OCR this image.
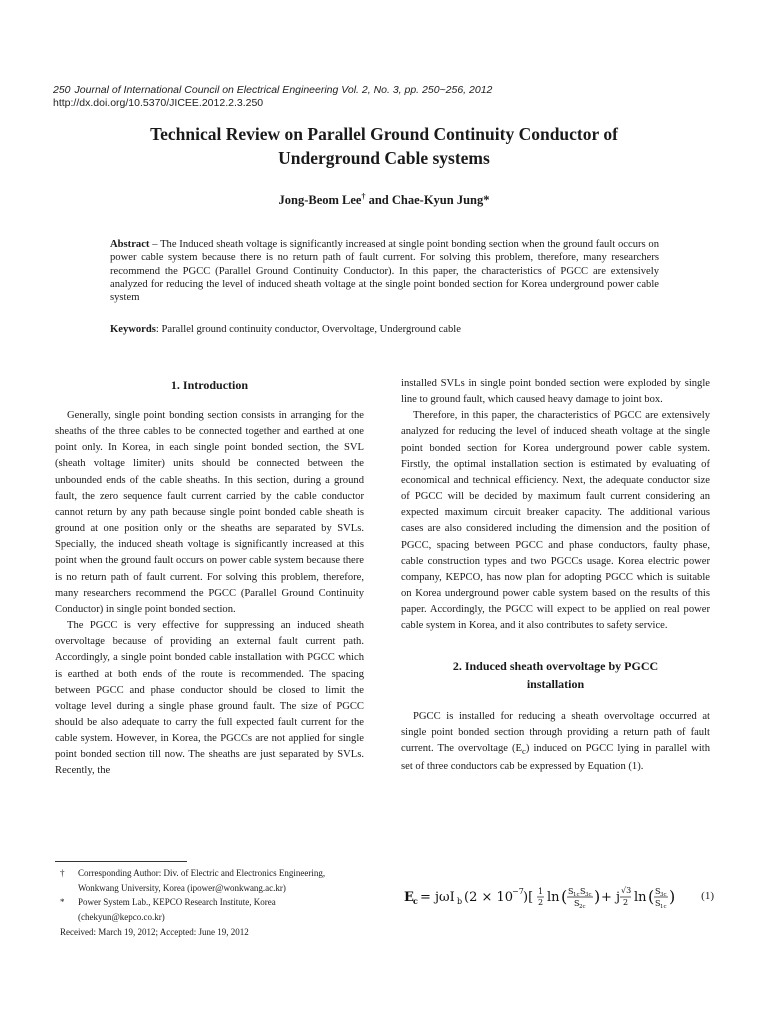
250 Journal of International Council on Electrical Engineering Vol. 2, No. 3, pp. 250~256, 2012
http://dx.doi.org/10.5370/JICEE.2012.2.3.250
Technical Review on Parallel Ground Continuity Conductor of
Underground Cable systems
Jong-Beom Lee† and Chae-Kyun Jung*
Abstract – The Induced sheath voltage is significantly increased at single point bonding section when the ground fault occurs on power cable system because there is no return path of fault current. For solving this problem, therefore, many researchers recommend the PGCC (Parallel Ground Continuity Conductor). In this paper, the characteristics of PGCC are extensively analyzed for reducing the level of induced sheath voltage at the single point bonded section for Korea underground power cable system
Keywords: Parallel ground continuity conductor, Overvoltage, Underground cable
1. Introduction

Generally, single point bonding section consists in arranging for the sheaths of the three cables to be connected together and earthed at one point only. In Korea, in each single point bonded section, the SVL (sheath voltage limiter) units should be connected between the unbounded ends of the cable sheaths. In this section, during a ground fault, the zero sequence fault current carried by the cable conductor cannot return by any path because single point bonded cable sheath is ground at one position only or the sheaths are separated by SVLs. Specially, the induced sheath voltage is significantly increased at this point when the ground fault occurs on power cable system because there is no return path of fault current. For solving this problem, therefore, many researchers recommend the PGCC (Parallel Ground Continuity Conductor) in single point bonded section.

The PGCC is very effective for suppressing an induced sheath overvoltage because of providing an external fault current path. Accordingly, a single point bonded cable installation with PGCC which is earthed at both ends of the route is recommended. The spacing between PGCC and phase conductor should be closed to limit the voltage level during a single phase ground fault. The size of PGCC should be also adequate to carry the full expected fault current for the cable system. However, in Korea, the PGCCs are not applied for single point bonded section till now. The sheaths are just separated by SVLs. Recently, the

installed SVLs in single point bonded section were exploded by single line to ground fault, which caused heavy damage to joint box.

Therefore, in this paper, the characteristics of PGCC are extensively analyzed for reducing the level of induced sheath voltage at the single point bonded section for Korea underground power cable system. Firstly, the optimal installation section is estimated by evaluating of economical and technical efficiency. Next, the adequate conductor size of PGCC will be decided by maximum fault current considering an expected maximum circuit breaker capacity. The additional various cases are also considered including the dimension and the position of PGCC, spacing between PGCC and phase conductors, faulty phase, cable construction types and two PGCCs usage. Korea electric power company, KEPCO, has now plan for adopting PGCC which is suitable on Korea underground power cable system based on the results of this paper. Accordingly, the PGCC will expect to be applied on real power cable system in Korea, and it also contributes to safety service.

2. Induced sheath overvoltage by PGCC
installation

PGCC is installed for reducing a sheath overvoltage occurred at single point bonded section through providing a return path of fault current. The overvoltage $(E_c)$ induced on PGCC lying in parallel with set of three conductors cab be expressed by Equation (1).

E c = jωI b (2 × 10
−7 )[ 1
2 ln ( S 1c S 3c
S 2c
) + j √3
2 ln ( S 3c
S 1c
) (1)
† Corresponding Author: Div. of Electric and Electronics Engineering,
Wonkwang University, Korea (ipower@wonkwang.ac.kr)
* Power System Lab., KEPCO Research Institute, Korea
(chekyun@kepco.co.kr)
Received: March 19, 2012; Accepted: June 19, 2012
